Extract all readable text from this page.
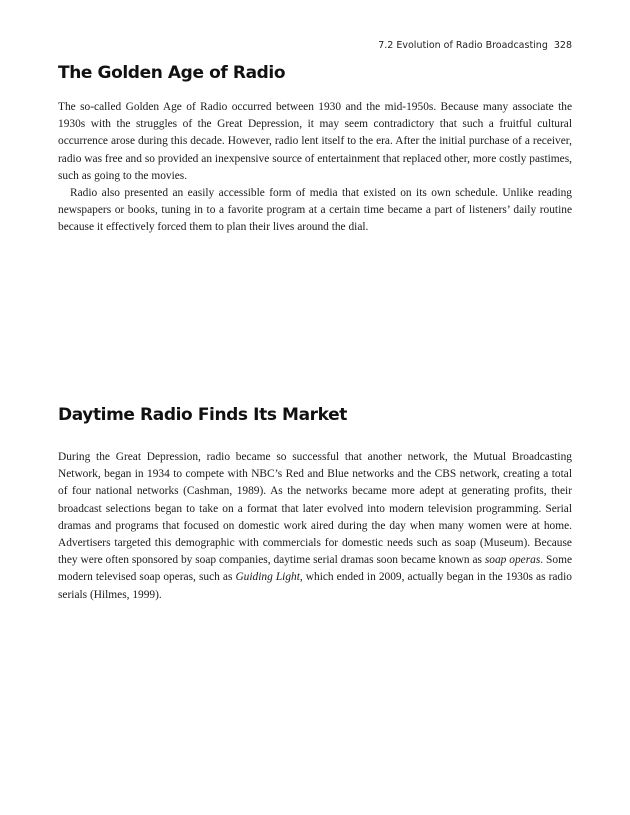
7.2 Evolution of Radio Broadcasting 328
The Golden Age of Radio

The so-called Golden Age of Radio occurred between 1930 and the mid-1950s. Because many associate the 1930s with the struggles of the Great Depression, it may seem contradictory that such a fruitful cultural occurrence arose during this decade. However, radio lent itself to the era. After the initial purchase of a receiver, radio was free and so provided an inexpensive source of entertainment that replaced other, more costly pastimes, such as going to the movies.

Radio also presented an easily accessible form of media that existed on its own schedule. Unlike reading newspapers or books, tuning in to a favorite program at a certain time became a part of listeners’ daily routine because it effectively forced them to plan their lives around the dial.

Daytime Radio Finds Its Market

During the Great Depression, radio became so successful that another network, the Mutual Broadcasting Network, began in 1934 to compete with NBC’s Red and Blue networks and the CBS network, creating a total of four national networks (Cashman, 1989). As the networks became more adept at generating profits, their broadcast selections began to take on a format that later evolved into modern television programming. Serial dramas and programs that focused on domestic work aired during the day when many women were at home. Advertisers targeted this demographic with commercials for domestic needs such as soap (Museum). Because they were often sponsored by soap companies, daytime serial dramas soon became known as soap operas. Some modern televised soap operas, such as Guiding Light, which ended in 2009, actually began in the 1930s as radio serials (Hilmes, 1999).
